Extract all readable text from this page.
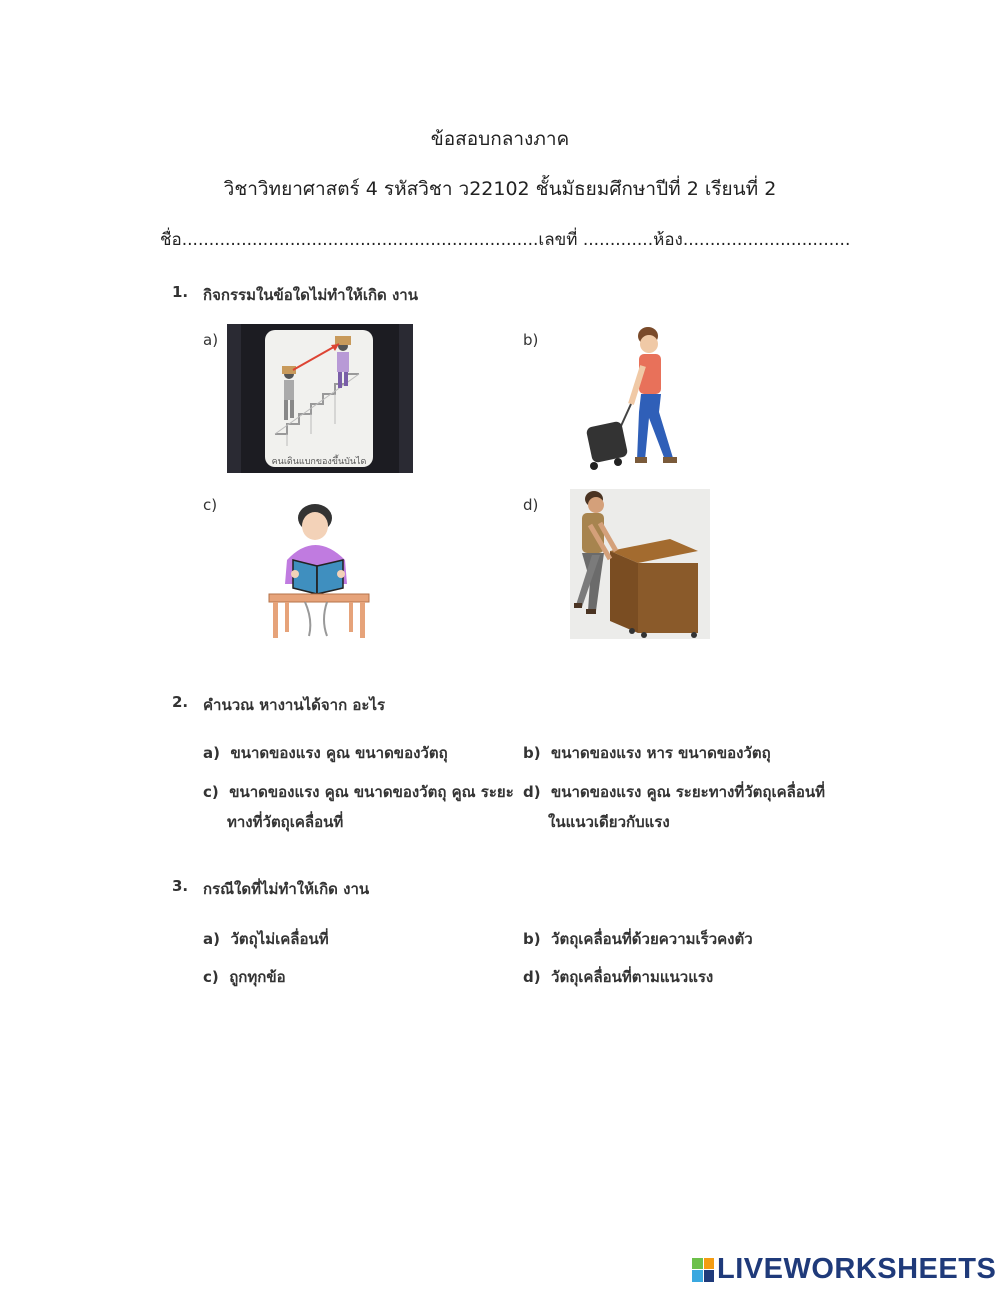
ข้อสอบกลางภาค
วิชาวิทยาศาสตร์ 4 รหัสวิชา ว22102 ชั้นมัธยมศึกษาปีที่ 2 เรียนที่ 2
ชื่อ..................................................................เลขที่ .............ห้อง...............................
1. กิจกรรมในข้อใดไม่ทำให้เกิด งาน
a)	b)
c)	d)
คนเดินแบกของขึ้นบันได
2. คำนวณ หางานได้จาก อะไร
a) ขนาดของแรง คูณ ขนาดของวัตถุ	b) ขนาดของแรง หาร ขนาดของวัตถุ
c) ขนาดของแรง คูณ ขนาดของวัตถุ คูณ ระยะ
ทางที่วัตถุเคลื่อนที่
d) ขนาดของแรง คูณ ระยะทางที่วัตถุเคลื่อนที่
ในแนวเดียวกับแรง
3. กรณีใดที่ไม่ทำให้เกิด งาน
a) วัตถุไม่เคลื่อนที่	b) วัตถุเคลื่อนที่ด้วยความเร็วคงตัว
c) ถูกทุกข้อ	d) วัตถุเคลื่อนที่ตามแนวแรง
LIVEWORKSHEETS
